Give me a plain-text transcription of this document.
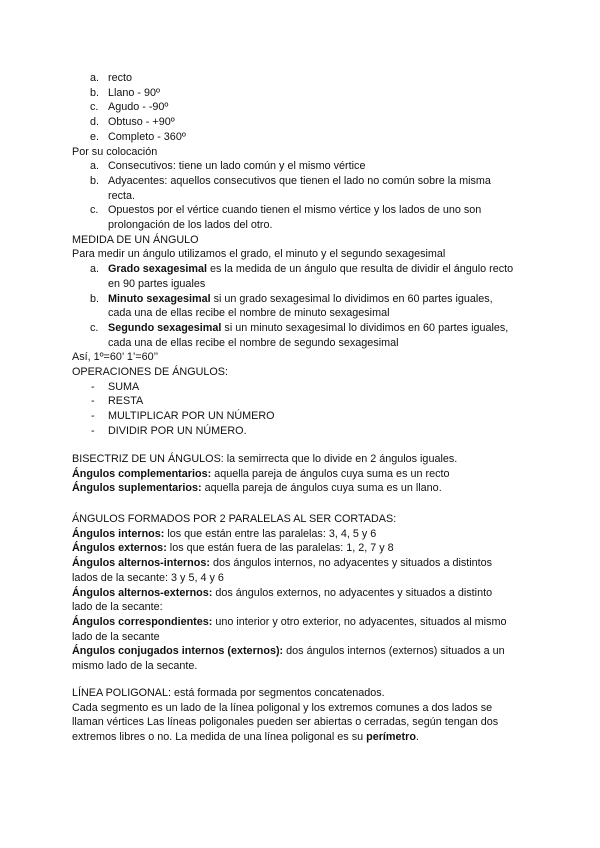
a. recto
b. Llano - 90º
c. Agudo - -90º
d. Obtuso - +90º
e. Completo - 360º
Por su colocación
a. Consecutivos: tiene un lado común y el mismo vértice
b. Adyacentes: aquellos consecutivos que tienen el lado no común sobre la misma
recta.
c. Opuestos por el vértice cuando tienen el mismo vértice y los lados de uno son
prolongación de los lados del otro.
MEDIDA DE UN ÁNGULO
Para medir un ángulo utilizamos el grado, el minuto y el segundo sexagesimal
a. Grado sexagesimal es la medida de un ángulo que resulta de dividir el ángulo recto
en 90 partes iguales
b. Minuto sexagesimal si un grado sexagesimal lo dividimos en 60 partes iguales,
cada una de ellas recibe el nombre de minuto sexagesimal
c. Segundo sexagesimal si un minuto sexagesimal lo dividimos en 60 partes iguales,
cada una de ellas recibe el nombre de segundo sexagesimal
Así, 1º=60’ 1’=60’’
OPERACIONES DE ÁNGULOS:
- SUMA
- RESTA
- MULTIPLICAR POR UN NÚMERO
- DIVIDIR POR UN NÚMERO.
BISECTRIZ DE UN ÁNGULOS: la semirrecta que lo divide en 2 ángulos iguales.
Ángulos complementarios: aquella pareja de ángulos cuya suma es un recto
Ángulos suplementarios: aquella pareja de ángulos cuya suma es un llano.
ÁNGULOS FORMADOS POR 2 PARALELAS AL SER CORTADAS:
Ángulos internos: los que están entre las paralelas: 3, 4, 5 y 6
Ángulos externos: los que están fuera de las paralelas: 1, 2, 7 y 8
Ángulos alternos-internos: dos ángulos internos, no adyacentes y situados a distintos
lados de la secante: 3 y 5, 4 y 6
Ángulos alternos-externos: dos ángulos externos, no adyacentes y situados a distinto
lado de la secante:
Ángulos correspondientes: uno interior y otro exterior, no adyacentes, situados al mismo
lado de la secante
Ángulos conjugados internos (externos): dos ángulos internos (externos) situados a un
mismo lado de la secante.
LÍNEA POLIGONAL: está formada por segmentos concatenados.
Cada segmento es un lado de la línea poligonal y los extremos comunes a dos lados se
llaman vértices Las líneas poligonales pueden ser abiertas o cerradas, según tengan dos
extremos libres o no. La medida de una línea poligonal es su perímetro.
